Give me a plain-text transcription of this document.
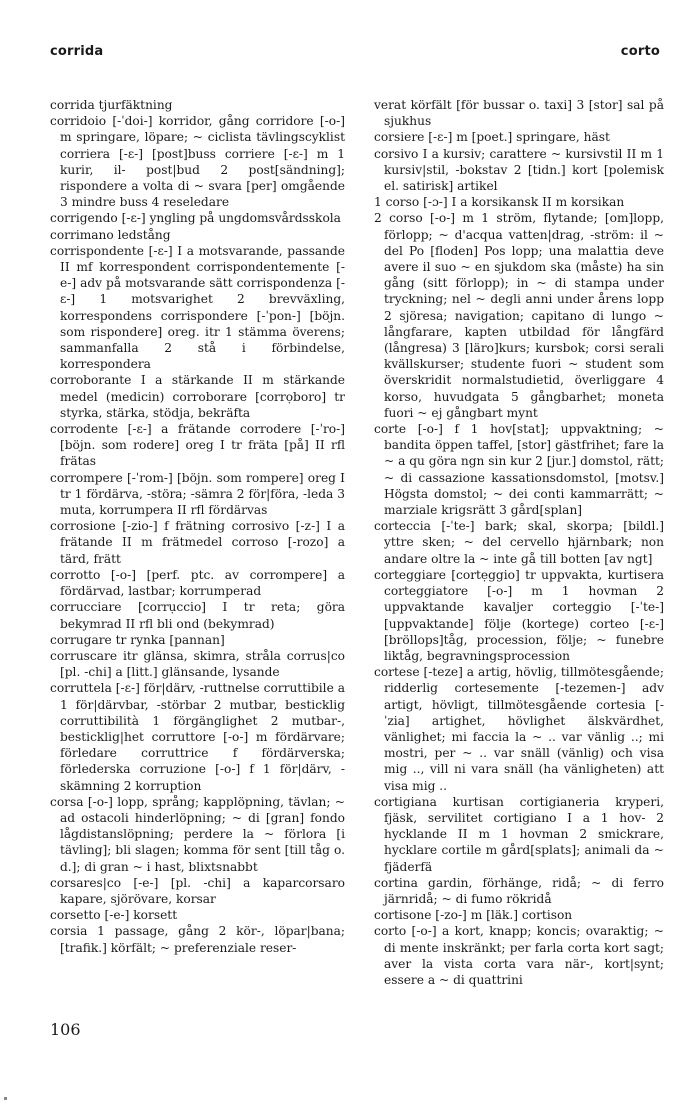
corrida	corto
corrida tjurfäktning
corridoio [-ˈdoi-] korridor, gång corridore [-o-] m springare, löpare; ~ ciclista tävlingscyklist corriera [-ɛ-] [post]buss corriere [-ɛ-] m 1 kurir, il- post|bud 2 post[sändning]; rispondere a volta di ~ svara [per] omgående 3 mindre buss 4 reseledare
corrigendo [-ɛ-] yngling på ungdomsvårdsskola
corrimano ledstång
corrispondente [-ɛ-] I a motsvarande, passande II mf korrespondent corrispondentemente [-e-] adv på motsvarande sätt corrispondenza [-ɛ-] 1 motsvarighet 2 brevväxling, korrespondens corrispondere [-ˈpon-] [böjn. som rispondere] oreg. itr 1 stämma överens; sammanfalla 2 stå i förbindelse, korrespondera
corroborante I a stärkande II m stärkande medel (medicin) corroborare [corrọboro] tr styrka, stärka, stödja, bekräfta
corrodente [-ɛ-] a frätande corrodere [-ˈro-] [böjn. som rodere] oreg I tr fräta [på] II rfl frätas
corrompere [-ˈrom-] [böjn. som rompere] oreg I tr 1 fördärva, -störa; -sämra 2 för|föra, -leda 3 muta, korrumpera II rfl fördärvas
corrosione [-zio-] f frätning corrosivo [-z-] I a frätande II m frätmedel corroso [-rozo] a tärd, frätt
corrotto [-o-] [perf. ptc. av corrompere] a fördärvad, lastbar; korrumperad
corrucciare [corrụccio] I tr reta; göra bekymrad II rfl bli ond (bekymrad)
corrugare tr rynka [pannan]
corruscare itr glänsa, skimra, stråla corrus|co [pl. -chi] a [litt.] glänsande, lysande
corruttela [-ɛ-] för|därv, -ruttnelse corruttibile a 1 för|därvbar, -störbar 2 mutbar, besticklig corruttibilità 1 förgänglighet 2 mutbar-, besticklig|het corruttore [-o-] m fördärvare; förledare corruttrice f fördärverska; förlederska corruzione [-o-] f 1 för|därv, -skämning 2 korruption
corsa [-o-] lopp, språng; kapplöpning, tävlan; ~ ad ostacoli hinderlöpning; ~ di [gran] fondo lågdistanslöpning; perdere la ~ förlora [i tävling]; bli slagen; komma för sent [till tåg o. d.]; di gran ~ i hast, blixtsnabbt
corsares|co [-e-] [pl. -chi] a kaparcorsaro kapare, sjörövare, korsar
corsetto [-e-] korsett
corsia 1 passage, gång 2 kör-, löpar|bana; [trafik.] körfält; ~ preferenziale reser-
verat körfält [för bussar o. taxi] 3 [stor] sal på sjukhus
corsiere [-ɛ-] m [poet.] springare, häst
corsivo I a kursiv; carattere ~ kursivstil II m 1 kursiv|stil, -bokstav 2 [tidn.] kort [polemisk el. satirisk] artikel
1 corso [-ɔ-] I a korsikansk II m korsikan
2 corso [-o-] m 1 ström, flytande; [om]lopp, förlopp; ~ d'acqua vatten|drag, -ström: il ~ del Po [floden] Pos lopp; una malattia deve avere il suo ~ en sjukdom ska (måste) ha sin gång (sitt förlopp); in ~ di stampa under tryckning; nel ~ degli anni under årens lopp 2 sjöresa; navigation; capitano di lungo ~ långfarare, kapten utbildad för långfärd (långresa) 3 [läro]kurs; kursbok; corsi serali kvällskurser; studente fuori ~ student som överskridit normalstudietid, överliggare 4 korso, huvudgata 5 gångbarhet; moneta fuori ~ ej gångbart mynt
corte [-o-] f 1 hov[stat]; uppvaktning; ~ bandita öppen taffel, [stor] gästfrihet; fare la ~ a qu göra ngn sin kur 2 [jur.] domstol, rätt; ~ di cassazione kassationsdomstol, [motsv.] Högsta domstol; ~ dei conti kammarrätt; ~ marziale krigsrätt 3 gård[splan]
corteccia [-ˈte-] bark; skal, skorpa; [bildl.] yttre sken; ~ del cervello hjärnbark; non andare oltre la ~ inte gå till botten [av ngt]
corteggiare [cortẹggio] tr uppvakta, kurtisera corteggiatore [-o-] m 1 hovman 2 uppvaktande kavaljer corteggio [-ˈte-] [uppvaktande] följe (kortege) corteo [-ɛ-] [bröllops]tåg, procession, följe; ~ funebre liktåg, begravningsprocession
cortese [-teze] a artig, hövlig, tillmötesgående; ridderlig cortesemente [-tezemen-] adv artigt, hövligt, tillmötesgående cortesia [-ˈzia] artighet, hövlighet älskvärdhet, vänlighet; mi faccia la ~ .. var vänlig ..; mi mostri, per ~ .. var snäll (vänlig) och visa mig .., vill ni vara snäll (ha vänligheten) att visa mig ..
cortigiana kurtisan cortigianeria kryperi, fjäsk, servilitet cortigiano I a 1 hov- 2 hycklande II m 1 hovman 2 smickrare, hycklare cortile m gård[splats]; animali da ~ fjäderfä
cortina gardin, förhänge, ridå; ~ di ferro järnridå; ~ di fumo rökridå
cortisone [-zo-] m [läk.] cortison
corto [-o-] a kort, knapp; koncis; ovaraktig; ~ di mente inskränkt; per farla corta kort sagt; aver la vista corta vara när-, kort|synt; essere a ~ di quattrini
106
